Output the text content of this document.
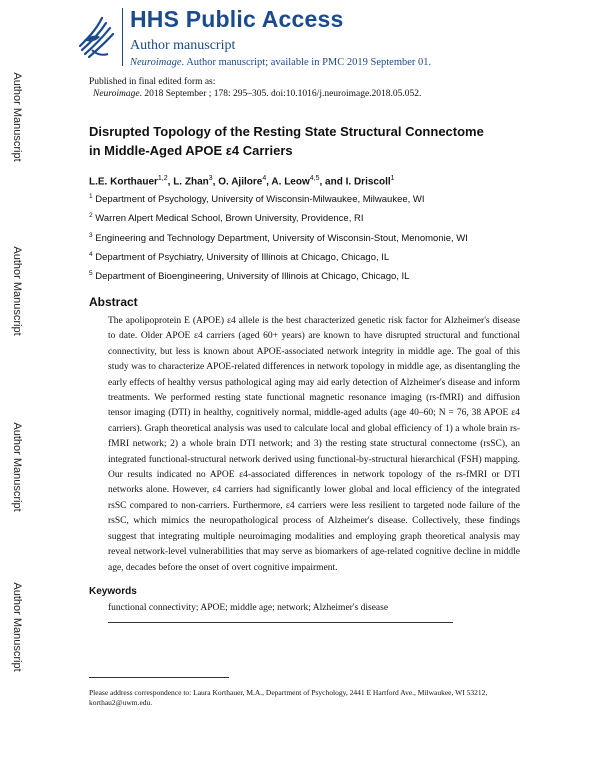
Author Manuscript
Author Manuscript
Author Manuscript
Author Manuscript
HHS Public Access
Author manuscript
Neuroimage. Author manuscript; available in PMC 2019 September 01.
Published in final edited form as:
Neuroimage. 2018 September ; 178: 295–305. doi:10.1016/j.neuroimage.2018.05.052.
Disrupted Topology of the Resting State Structural Connectome
in Middle-Aged APOE ε4 Carriers
L.E. Korthauer$^{1,2}$, L. Zhan$^3$, O. Ajilore$^4$, A. Leow$^{4,5}$, and I. Driscoll$^1$
$^1$ Department of Psychology, University of Wisconsin-Milwaukee, Milwaukee, WI
$^2$ Warren Alpert Medical School, Brown University, Providence, RI
$^3$ Engineering and Technology Department, University of Wisconsin-Stout, Menomonie, WI
$^4$ Department of Psychiatry, University of Illinois at Chicago, Chicago, IL
$^5$ Department of Bioengineering, University of Illinois at Chicago, Chicago, IL
Abstract
The apolipoprotein E (APOE) ε4 allele is the best characterized genetic risk factor for Alzheimer's disease to date. Older APOE ε4 carriers (aged 60+ years) are known to have disrupted structural and functional connectivity, but less is known about APOE-associated network integrity in middle age. The goal of this study was to characterize APOE-related differences in network topology in middle age, as disentangling the early effects of healthy versus pathological aging may aid early detection of Alzheimer's disease and inform treatments. We performed resting state functional magnetic resonance imaging (rs-fMRI) and diffusion tensor imaging (DTI) in healthy, cognitively normal, middle-aged adults (age 40–60; N = 76, 38 APOE ε4 carriers). Graph theoretical analysis was used to calculate local and global efficiency of 1) a whole brain rs-fMRI network; 2) a whole brain DTI network; and 3) the resting state structural connectome (rsSC), an integrated functional-structural network derived using functional-by-structural hierarchical (FSH) mapping. Our results indicated no APOE ε4-associated differences in network topology of the rs-fMRI or DTI networks alone. However, ε4 carriers had significantly lower global and local efficiency of the integrated rsSC compared to non-carriers. Furthermore, ε4 carriers were less resilient to targeted node failure of the rsSC, which mimics the neuropathological process of Alzheimer's disease. Collectively, these findings suggest that integrating multiple neuroimaging modalities and employing graph theoretical analysis may reveal network-level vulnerabilities that may serve as biomarkers of age-related cognitive decline in middle age, decades before the onset of overt cognitive impairment.
Keywords
functional connectivity; APOE; middle age; network; Alzheimer's disease
Please address correspondence to: Laura Korthauer, M.A., Department of Psychology, 2441 E Hartford Ave., Milwaukee, WI 53212, korthau2@uwm.edu.
